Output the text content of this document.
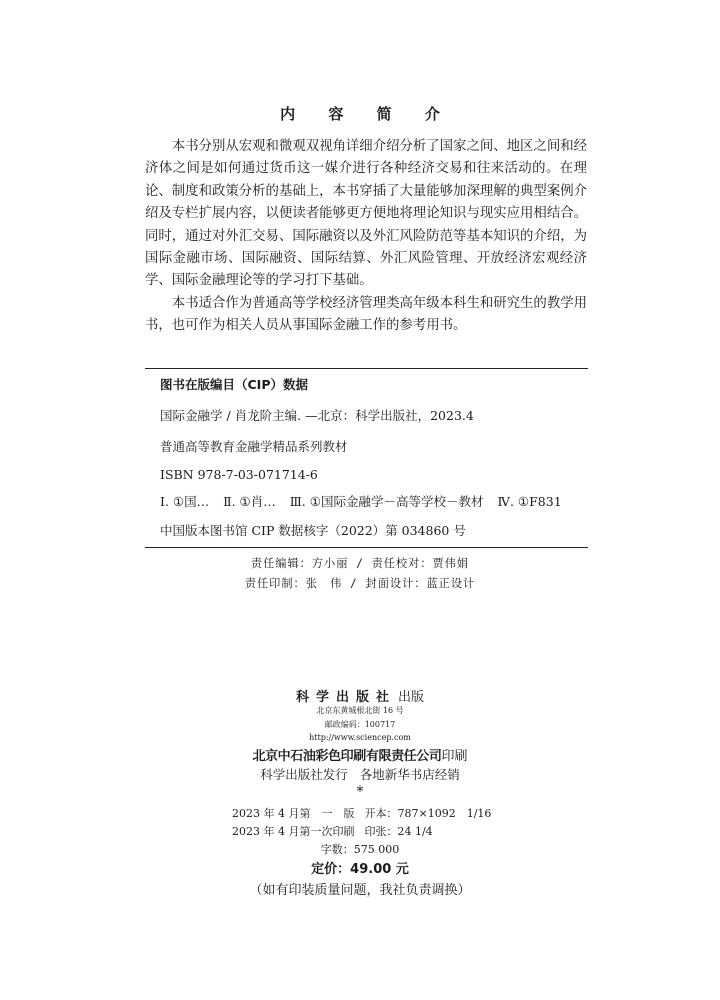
内 容 简 介

本书分别从宏观和微观双视角详细介绍分析了国家之间、地区之间和经济体之间是如何通过货币这一媒介进行各种经济交易和往来活动的。在理论、制度和政策分析的基础上，本书穿插了大量能够加深理解的典型案例介绍及专栏扩展内容，以便读者能够更方便地将理论知识与现实应用相结合。同时，通过对外汇交易、国际融资以及外汇风险防范等基本知识的介绍，为国际金融市场、国际融资、国际结算、外汇风险管理、开放经济宏观经济学、国际金融理论等的学习打下基础。

本书适合作为普通高等学校经济管理类高年级本科生和研究生的教学用书，也可作为相关人员从事国际金融工作的参考用书。

图书在版编目（CIP）数据
国际金融学 / 肖龙阶主编. —北京：科学出版社，2023.4
普通高等教育金融学精品系列教材
ISBN 978-7-03-071714-6
Ⅰ. ①国… Ⅱ. ①肖… Ⅲ. ①国际金融学－高等学校－教材 Ⅳ. ①F831
中国版本图书馆 CIP 数据核字（2022）第 034860 号
责任编辑：方小丽 / 责任校对：贾伟娟
责任印制：张　伟 / 封面设计：蓝正设计
科学出版社 出版
北京东黄城根北街 16 号
邮政编码：100717
http://www.sciencep.com
北京中石油彩色印刷有限责任公司印刷
科学出版社发行 各地新华书店经销
*
2023 年 4 月第　一　版 开本：787×1092　1/16
2023 年 4 月第一次印刷 印张：24 1/4
字数：575 000
定价：49.00 元
（如有印装质量问题，我社负责调换）
